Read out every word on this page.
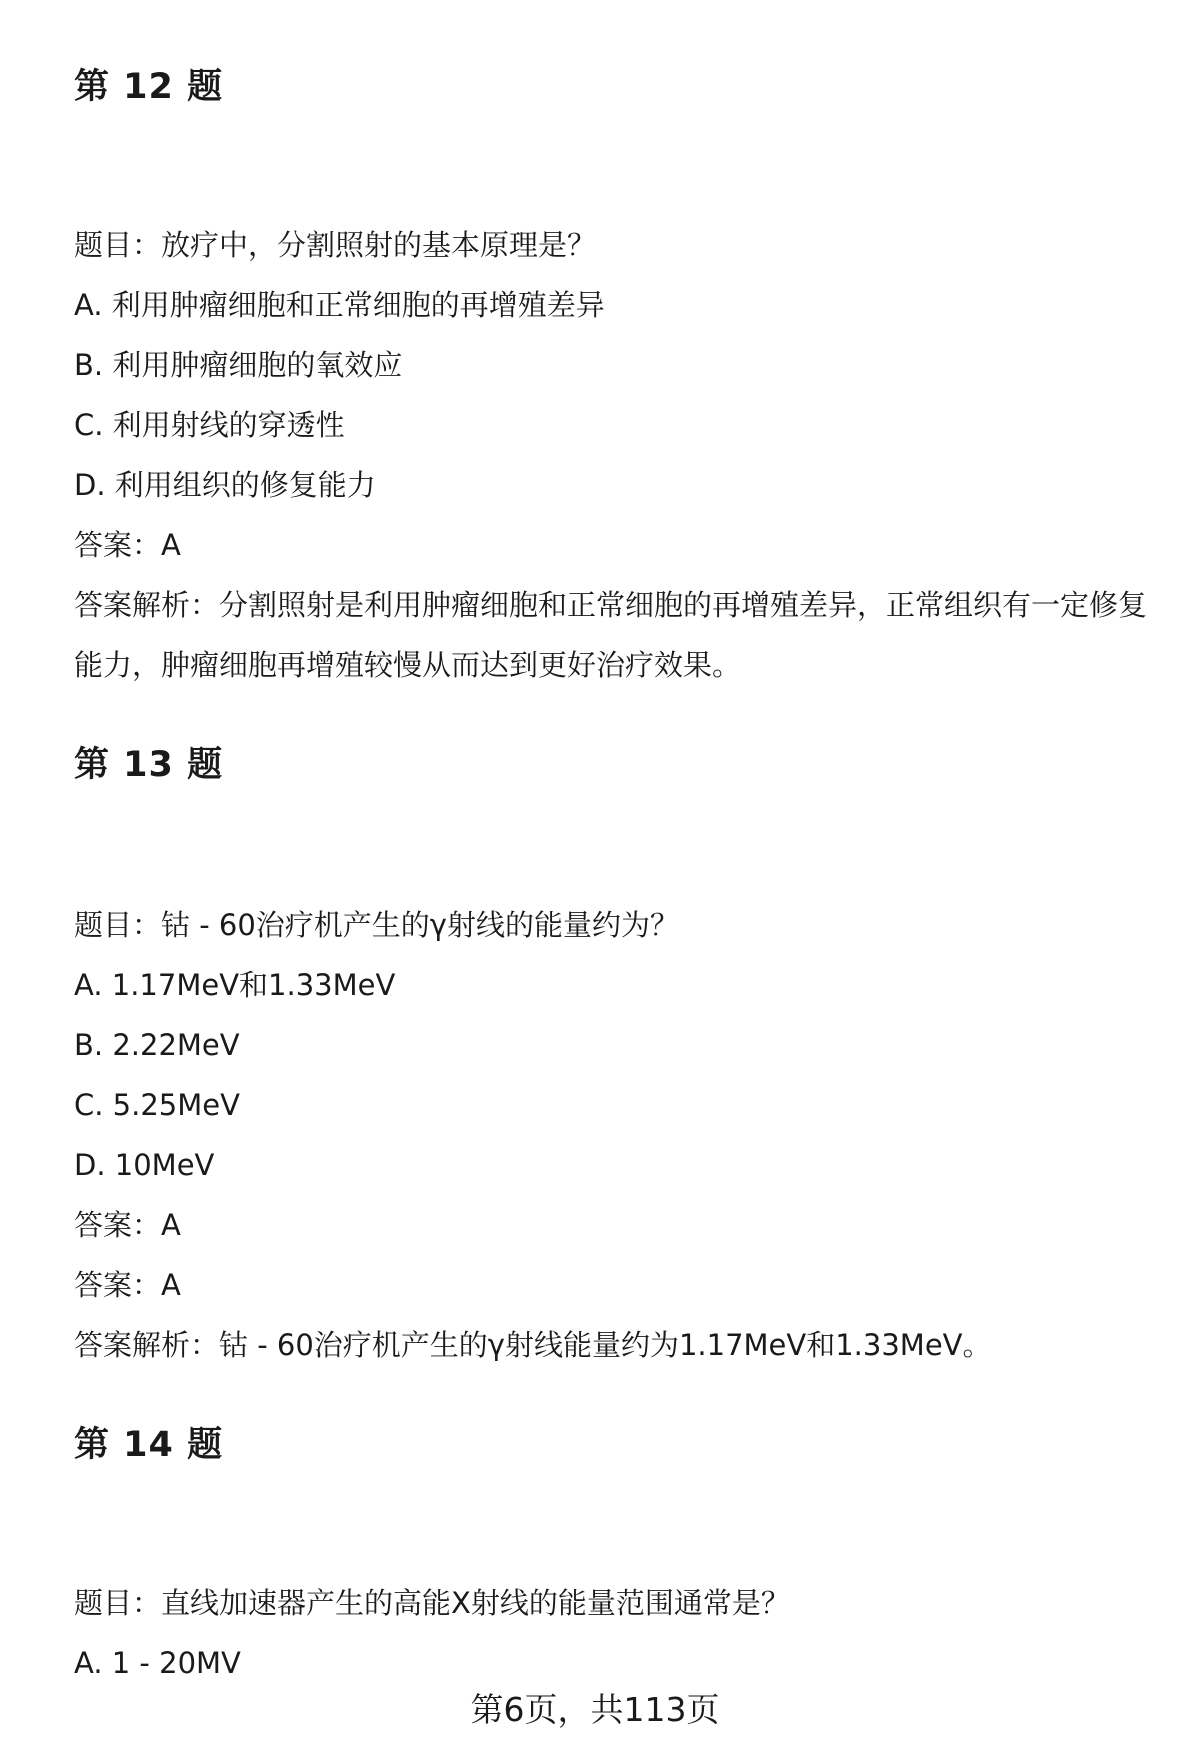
第 12 题
题目：放疗中，分割照射的基本原理是？
A. 利用肿瘤细胞和正常细胞的再增殖差异
B. 利用肿瘤细胞的氧效应
C. 利用射线的穿透性
D. 利用组织的修复能力
答案：A
答案解析：分割照射是利用肿瘤细胞和正常细胞的再增殖差异，正常组织有一定修复能力，肿瘤细胞再增殖较慢从而达到更好治疗效果。
第 13 题
题目：钴 - 60治疗机产生的γ射线的能量约为？
A. 1.17MeV和1.33MeV
B. 2.22MeV
C. 5.25MeV
D. 10MeV
答案：A
答案：A
答案解析：钴 - 60治疗机产生的γ射线能量约为1.17MeV和1.33MeV。
第 14 题
题目：直线加速器产生的高能X射线的能量范围通常是？
A. 1 - 20MV
第6页，共113页
